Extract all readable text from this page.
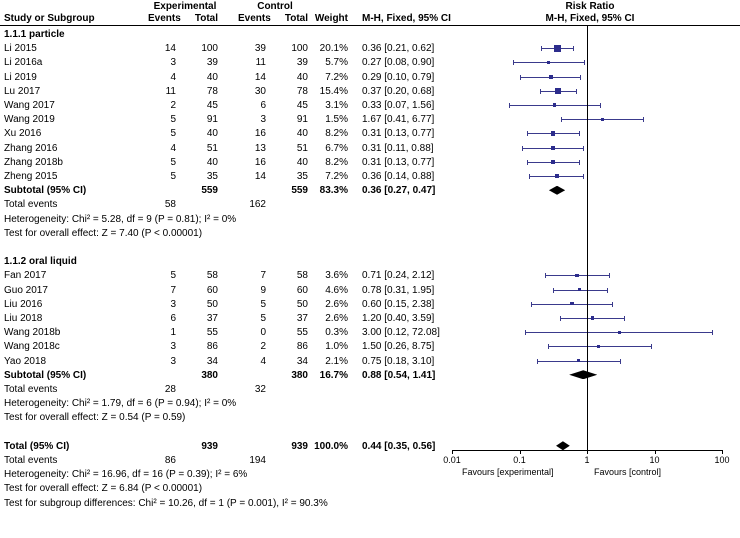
Experimental	Control	Risk Ratio
Study or Subgroup	Events	Total Events	Total Weight M-H, Fixed, 95% CI
1.1.1 particle
Li 2015	14	100	39	100	20.1% 0.36 [0.21, 0.62]
Li 2016a	3	39	11	39	5.7% 0.27 [0.08, 0.90]
Li 2019	4	40	14	40	7.2% 0.29 [0.10, 0.79]
Lu 2017	11	78	30	78	15.4% 0.37 [0.20, 0.68]
Wang 2017	2	45	6	45	3.1% 0.33 [0.07, 1.56]
Wang 2019	5	91	3	91	1.5% 1.67 [0.41, 6.77]
Xu 2016	5	40	16	40	8.2% 0.31 [0.13, 0.77]
Zhang 2016	4	51	13	51	6.7% 0.31 [0.11, 0.88]
Zhang 2018b	5	40	16	40	8.2% 0.31 [0.13, 0.77]
Zheng 2015	5	35	14	35	7.2% 0.36 [0.14, 0.88]
Subtotal (95% CI)	559	559	83.3% 0.36 [0.27, 0.47]
Total events	58	162
Heterogeneity: Chi² = 5.28, df = 9 (P = 0.81); I² = 0%
Test for overall effect: Z = 7.40 (P < 0.00001)
1.1.2 oral liquid
Fan 2017	5	58	7	58	3.6% 0.71 [0.24, 2.12]
Guo 2017	7	60	9	60	4.6% 0.78 [0.31, 1.95]
Liu 2016	3	50	5	50	2.6% 0.60 [0.15, 2.38]
Liu 2018	6	37	5	37	2.6% 1.20 [0.40, 3.59]
Wang 2018b	1	55	0	55	0.3% 3.00 [0.12, 72.08]
Wang 2018c	3	86	2	86	1.0% 1.50 [0.26, 8.75]
Yao 2018	3	34	4	34	2.1% 0.75 [0.18, 3.10]
Subtotal (95% CI)	380	380	16.7% 0.88 [0.54, 1.41]
Total events	28	32
Heterogeneity: Chi² = 1.79, df = 6 (P = 0.94); I² = 0%
Test for overall effect: Z = 0.54 (P = 0.59)
Total (95% CI)	939	939 100.0% 0.44 [0.35, 0.56]
Total events	86	194
Heterogeneity: Chi² = 16.96, df = 16 (P = 0.39); I² = 6%
Test for overall effect: Z = 6.84 (P < 0.00001)
Test for subgroup differences: Chi² = 10.26, df = 1 (P = 0.001), I² = 90.3%
M-H, Fixed, 95% CI
0.01	0.1	1	10	100
Favours [experimental]	Favours [control]
